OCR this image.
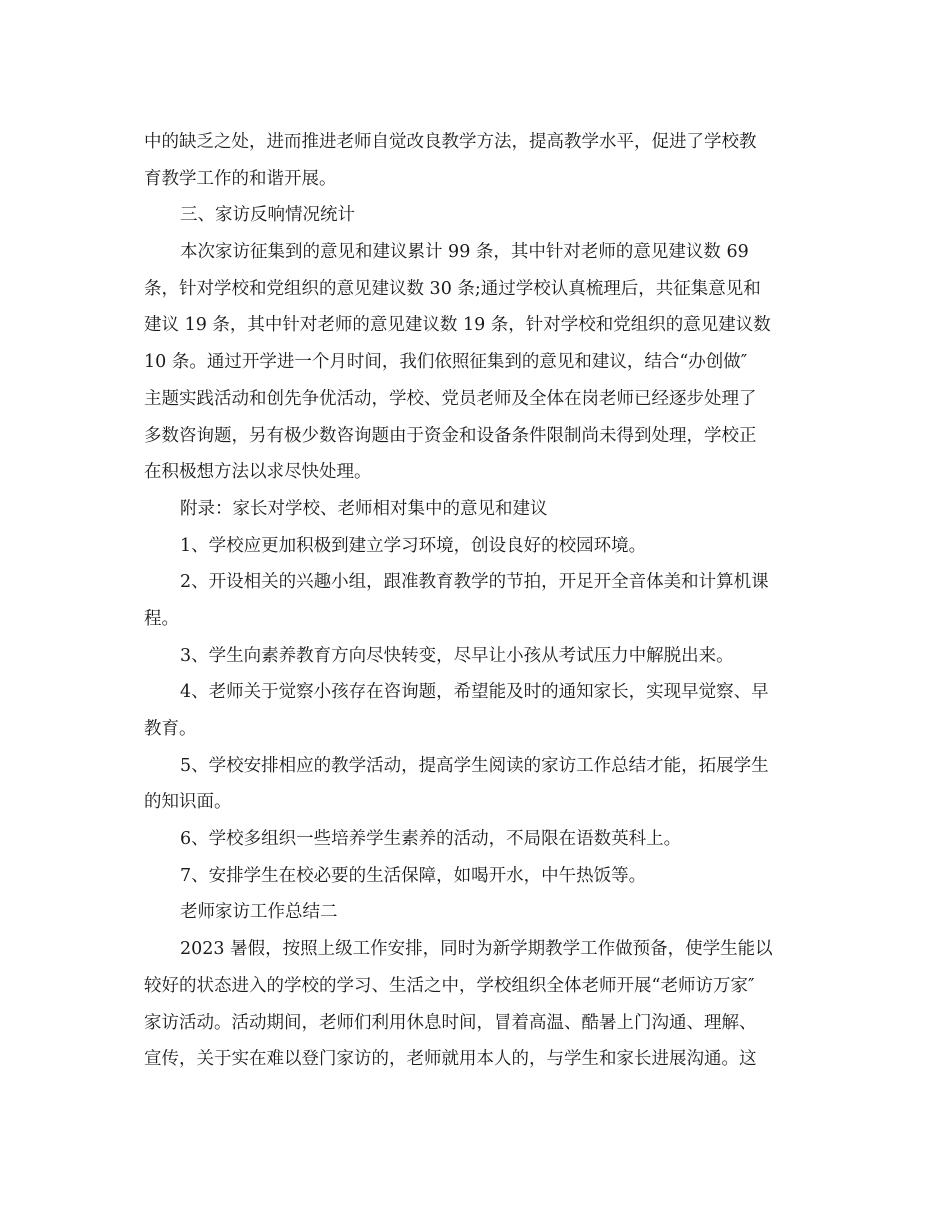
中的缺乏之处，进而推进老师自觉改良教学方法，提高教学水平，促进了学校教
育教学工作的和谐开展。
三、家访反响情况统计
本次家访征集到的意见和建议累计 99 条，其中针对老师的意见建议数 69
条，针对学校和党组织的意见建议数 30 条;通过学校认真梳理后，共征集意见和
建议 19 条，其中针对老师的意见建议数 19 条，针对学校和党组织的意见建议数
10 条。通过开学进一个月时间，我们依照征集到的意见和建议，结合“办创做″
主题实践活动和创先争优活动，学校、党员老师及全体在岗老师已经逐步处理了
多数咨询题，另有极少数咨询题由于资金和设备条件限制尚未得到处理，学校正
在积极想方法以求尽快处理。
附录：家长对学校、老师相对集中的意见和建议
1、学校应更加积极到建立学习环境，创设良好的校园环境。
2、开设相关的兴趣小组，跟准教育教学的节拍，开足开全音体美和计算机课
程。
3、学生向素养教育方向尽快转变，尽早让小孩从考试压力中解脱出来。
4、老师关于觉察小孩存在咨询题，希望能及时的通知家长，实现早觉察、早
教育。
5、学校安排相应的教学活动，提高学生阅读的家访工作总结才能，拓展学生
的知识面。
6、学校多组织一些培养学生素养的活动，不局限在语数英科上。
7、安排学生在校必要的生活保障，如喝开水，中午热饭等。
老师家访工作总结二
2023 暑假，按照上级工作安排，同时为新学期教学工作做预备，使学生能以
较好的状态进入的学校的学习、生活之中，学校组织全体老师开展“老师访万家″
家访活动。活动期间，老师们利用休息时间，冒着高温、酷暑上门沟通、理解、
宣传，关于实在难以登门家访的，老师就用本人的，与学生和家长进展沟通。这
